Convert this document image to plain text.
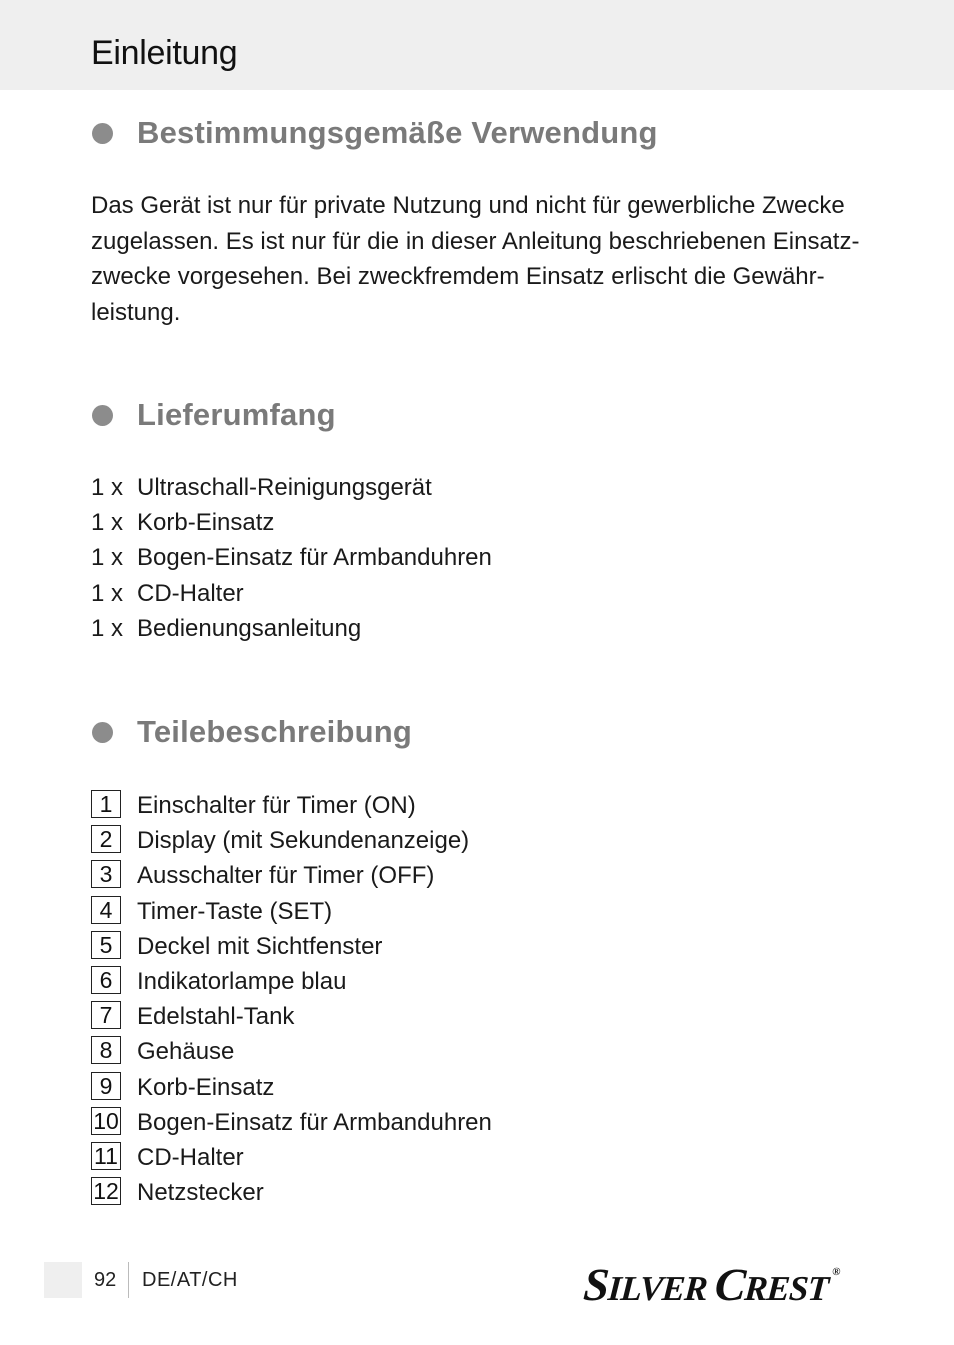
Einleitung
Bestimmungsgemäße Verwendung
Das Gerät ist nur für private Nutzung und nicht für gewerbliche Zwecke
zugelassen. Es ist nur für die in dieser Anleitung beschriebenen Einsatz-
zwecke vorgesehen. Bei zweckfremdem Einsatz erlischt die Gewähr-
leistung.
Lieferumfang
1 x Ultraschall-Reinigungsgerät
1 x Korb-Einsatz
1 x Bogen-Einsatz für Armbanduhren
1 x CD-Halter
1 x Bedienungsanleitung
Teilebeschreibung
1	Einschalter für Timer (ON)
2	Display (mit Sekundenanzeige)
3	Ausschalter für Timer (OFF)
4	Timer-Taste (SET)
5	Deckel mit Sichtfenster
6	Indikatorlampe blau
7	Edelstahl-Tank
8	Gehäuse
9	Korb-Einsatz
10 Bogen-Einsatz für Armbanduhren
11 CD-Halter
12 Netzstecker
92 DE/AT/CH	S
ILVER C
REST ®
